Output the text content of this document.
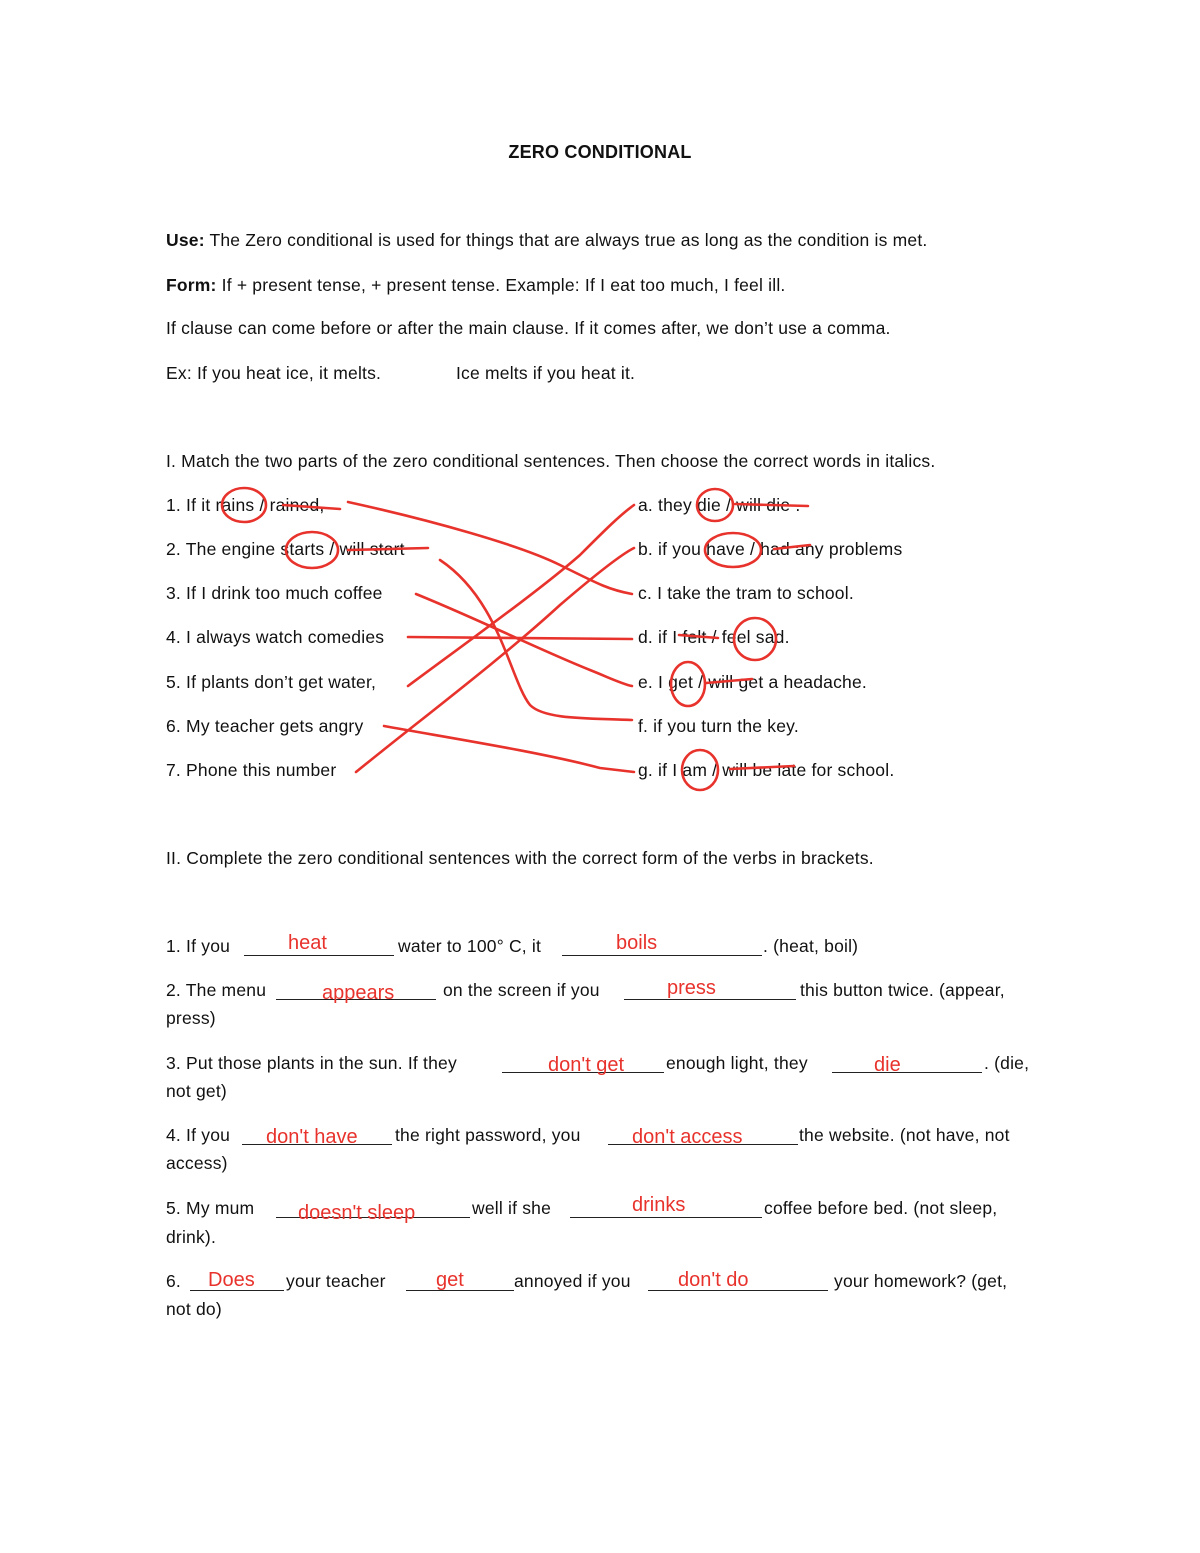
ZERO CONDITIONAL
Use: The Zero conditional is used for things that are always true as long as the condition is met.
Form: If + present tense, + present tense. Example: If I eat too much, I feel ill.
If clause can come before or after the main clause. If it comes after, we don’t use a comma.
Ex: If you heat ice, it melts.	Ice melts if you heat it.
I. Match the two parts of the zero conditional sentences. Then choose the correct words in italics.
1. If it rains / rained,
2. The engine starts / will start
3. If I drink too much coffee
4. I always watch comedies
5. If plants don’t get water,
6. My teacher gets angry
7. Phone this number
a. they die / will die .
b. if you have / had any problems
c. I take the tram to school.
d. if I felt / feel sad.
e. I get / will get a headache.
f. if you turn the key.
g. if I am / will be late for school.
II. Complete the zero conditional sentences with the correct form of the verbs in brackets.
1. If you	heat	water to 100° C, it	boils	. (heat, boil)
2. The menu	appears	on the screen if you	press	this button twice. (appear,
press)
3. Put those plants in the sun. If they	don't get enough light, they	die	. (die,
not get)
4. If you don't have the right password, you	don't access	the website. (not have, not
access)
5. My mum doesn't sleep	well if she	drinks	coffee before bed. (not sleep,
drink).
6. Does your teacher	get	annoyed if you don't do	your homework? (get,
not do)
